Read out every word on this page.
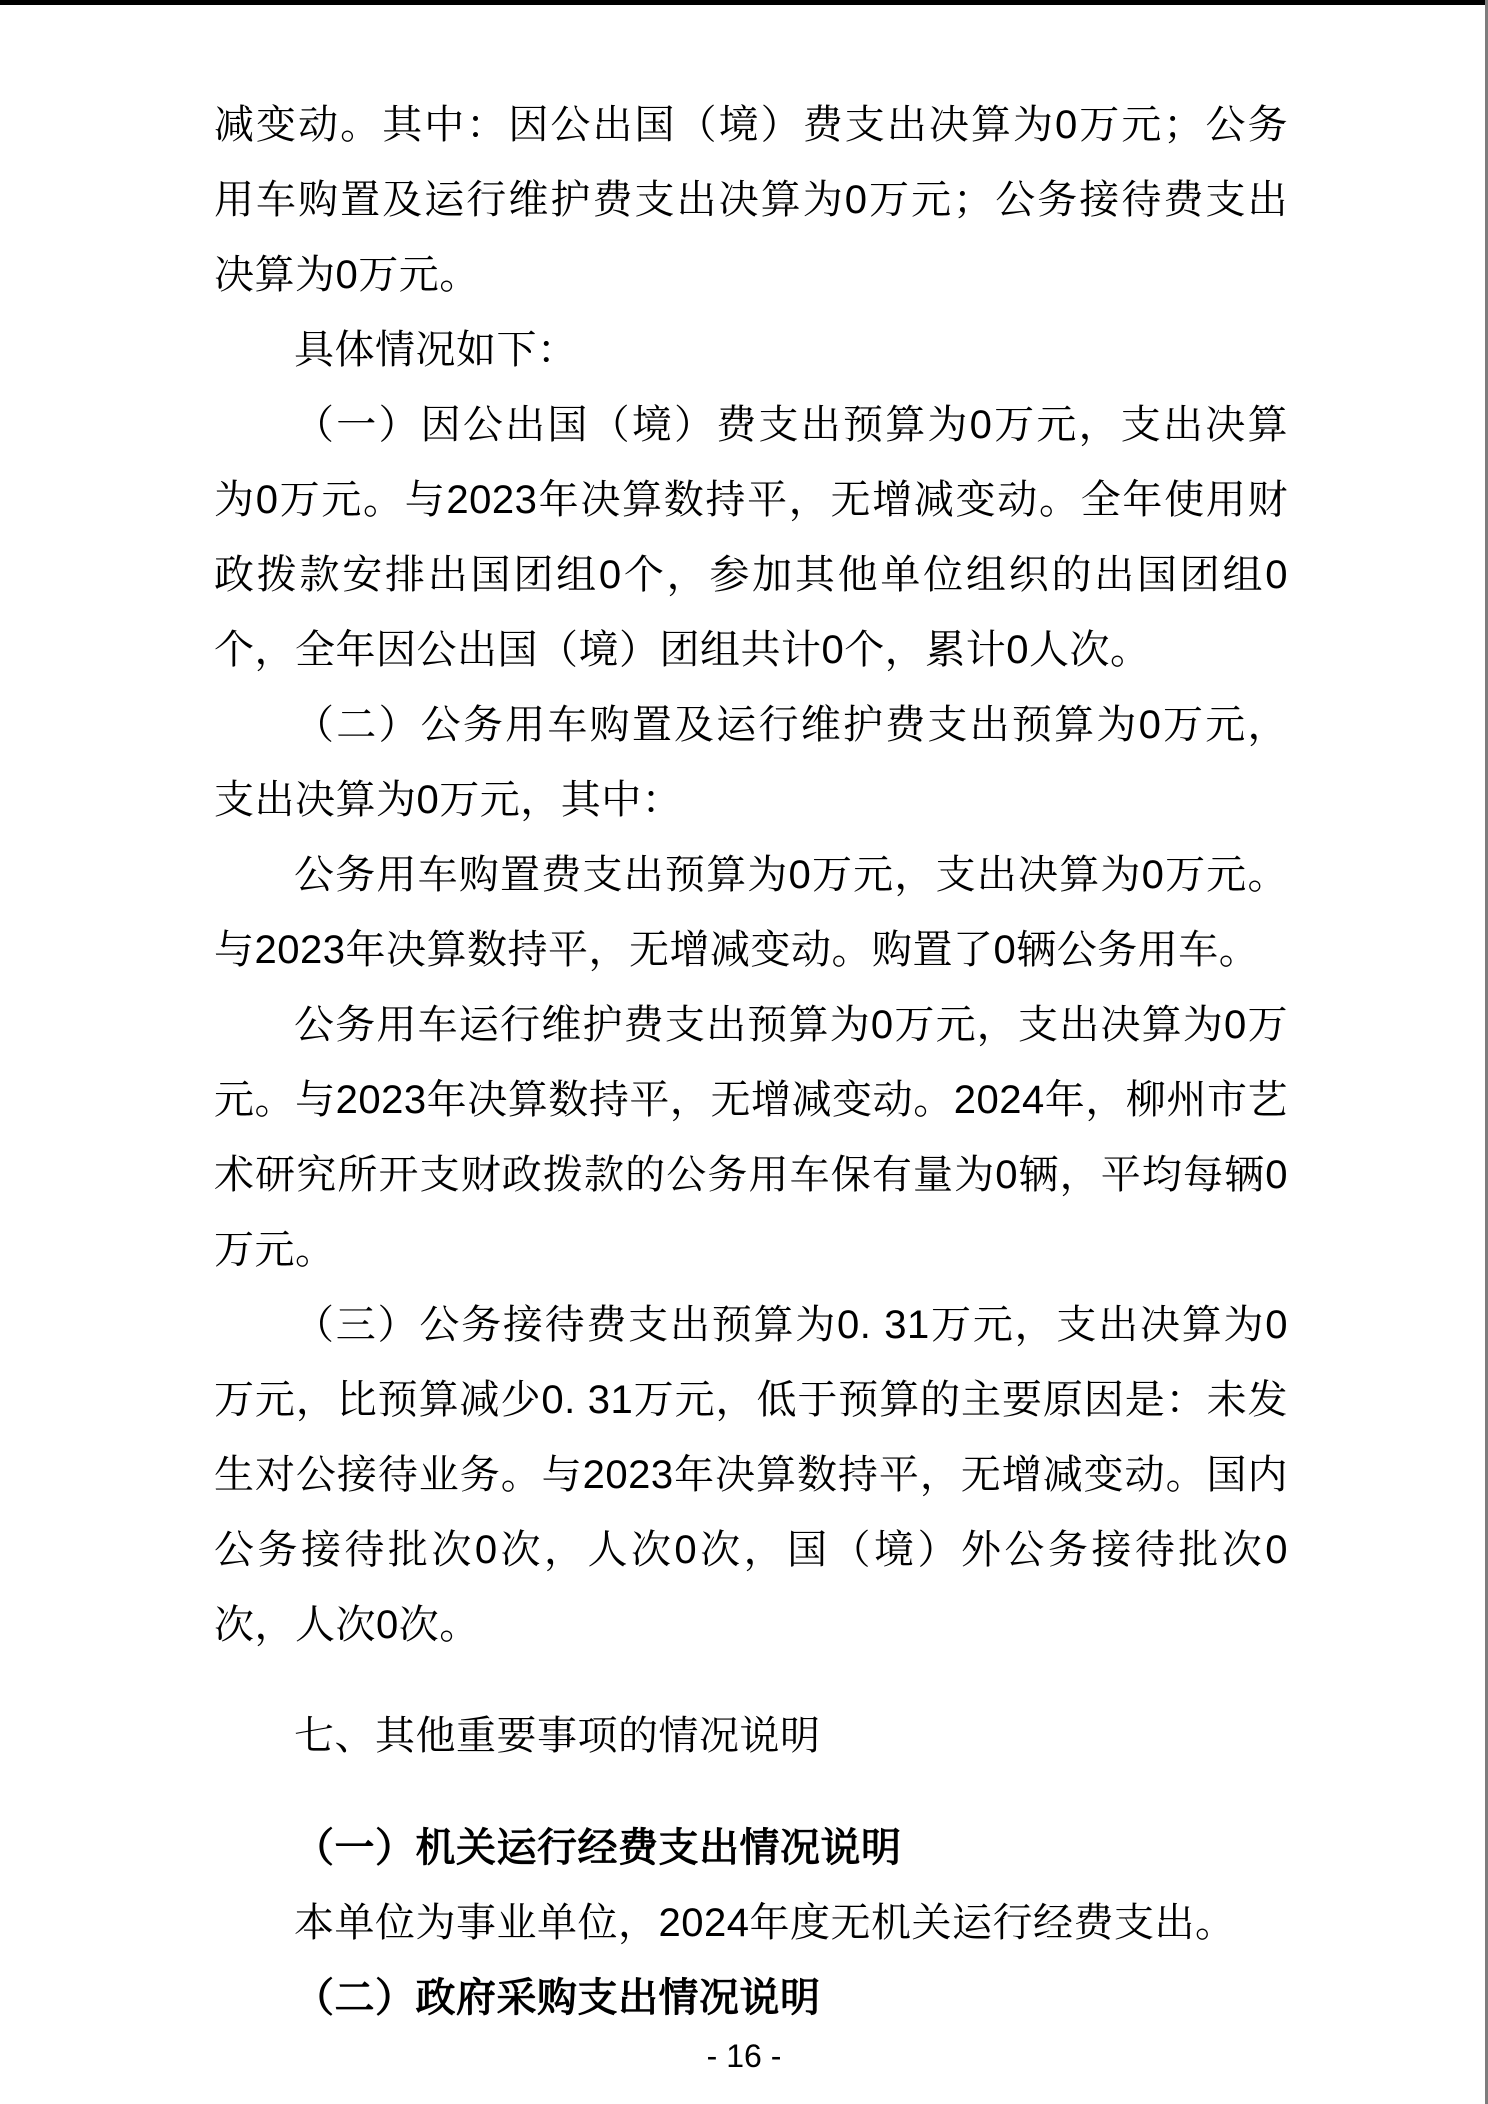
减变动。其中：因公出国（境）费支出决算为0万元；公务用车购置及运行维护费支出决算为0万元；公务接待费支出决算为0万元。

具体情况如下：

（一）因公出国（境）费支出预算为0万元，支出决算为0万元。与2023年决算数持平，无增减变动。全年使用财政拨款安排出国团组0个，参加其他单位组织的出国团组0个，全年因公出国（境）团组共计0个，累计0人次。

（二）公务用车购置及运行维护费支出预算为0万元，支出决算为0万元，其中：

公务用车购置费支出预算为0万元，支出决算为0万元。与2023年决算数持平，无增减变动。购置了0辆公务用车。

公务用车运行维护费支出预算为0万元，支出决算为0万元。与2023年决算数持平，无增减变动。2024年，柳州市艺术研究所开支财政拨款的公务用车保有量为0辆，平均每辆0万元。

（三）公务接待费支出预算为0. 31万元，支出决算为0万元，比预算减少0. 31万元，低于预算的主要原因是：未发生对公接待业务。与2023年决算数持平，无增减变动。国内公务接待批次0次，人次0次，国（境）外公务接待批次0次，人次0次。

七、其他重要事项的情况说明

（一）机关运行经费支出情况说明

本单位为事业单位，2024年度无机关运行经费支出。

（二）政府采购支出情况说明

- 16 -
